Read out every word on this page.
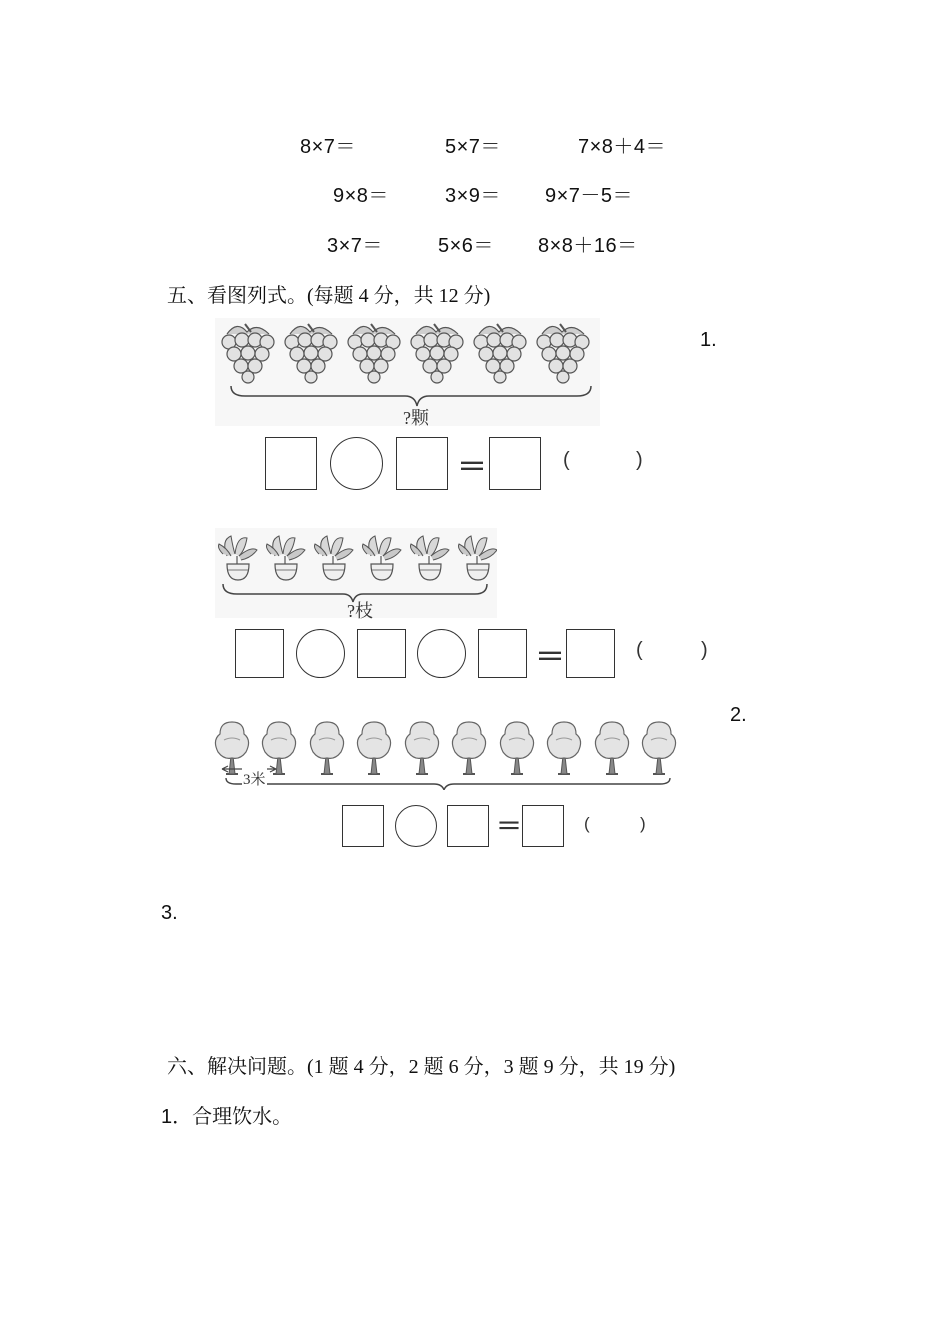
8×7＝	5×7＝	7×8＋4＝
9×8＝	3×9＝ 9×7－5＝
3×7＝	5×6＝ 8×8＋16＝
五、看图列式。(每题 4 分，共 12 分)
?颗
1.
＝	(	)
?枝
＝	(	)
2.
3米
＝	(	)
3.
六、解决问题。(1 题 4 分，2 题 6 分，3 题 9 分，共 19 分)
1．合理饮水。
